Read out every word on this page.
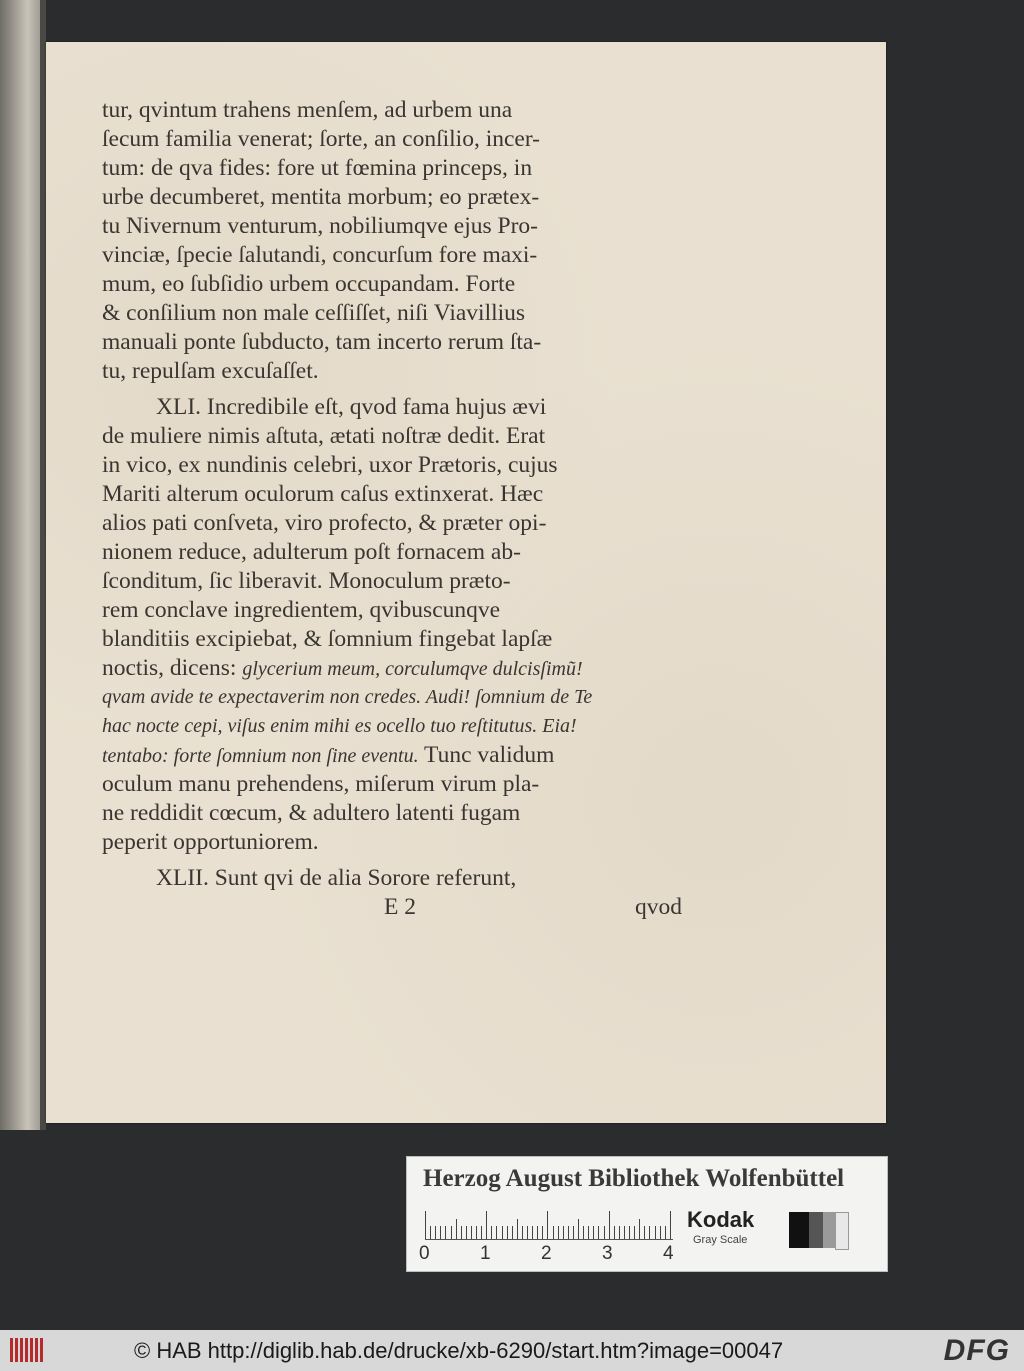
tur, qvintum trahens menſem, ad urbem una
ſecum familia venerat; ſorte, an conſilio, incer-
tum: de qva fides: fore ut fœmina princeps, in
urbe decumberet, mentita morbum; eo prætex-
tu Nivernum venturum, nobiliumqve ejus Pro-
vinciæ, ſpecie ſalutandi, concurſum fore maxi-
mum, eo ſubſidio urbem occupandam. Forte
& conſilium non male ceſſiſſet, niſi Viavillius
manuali ponte ſubducto, tam incerto rerum ſta-
tu, repulſam excuſaſſet.
XLI. Incredibile eſt, qvod fama hujus ævi
de muliere nimis aſtuta, ætati noſtræ dedit. Erat
in vico, ex nundinis celebri, uxor Prætoris, cujus
Mariti alterum oculorum caſus extinxerat. Hæc
alios pati conſveta, viro profecto, & præter opi-
nionem reduce, adulterum poſt fornacem ab-
ſconditum, ſic liberavit. Monoculum præto-
rem conclave ingredientem, qvibuscunqve
blanditiis excipiebat, & ſomnium fingebat lapſæ
noctis, dicens: glycerium meum, corculumqve dulcisſimũ!
qvam avide te expectaverim non credes. Audi! ſomnium de Te
hac nocte cepi, viſus enim mihi es ocello tuo reſtitutus. Eia!
tentabo: forte ſomnium non ſine eventu. Tunc validum
oculum manu prehendens, miſerum virum pla-
ne reddidit cœcum, & adultero latenti fugam
peperit opportuniorem.
XLII. Sunt qvi de alia Sorore referunt,
E 2	qvod
Herzog August Bibliothek Wolfenbüttel
0	1	2	3	4
Kodak
Gray Scale
© HAB http://diglib.hab.de/drucke/xb-6290/start.htm?image=00047	DFG
